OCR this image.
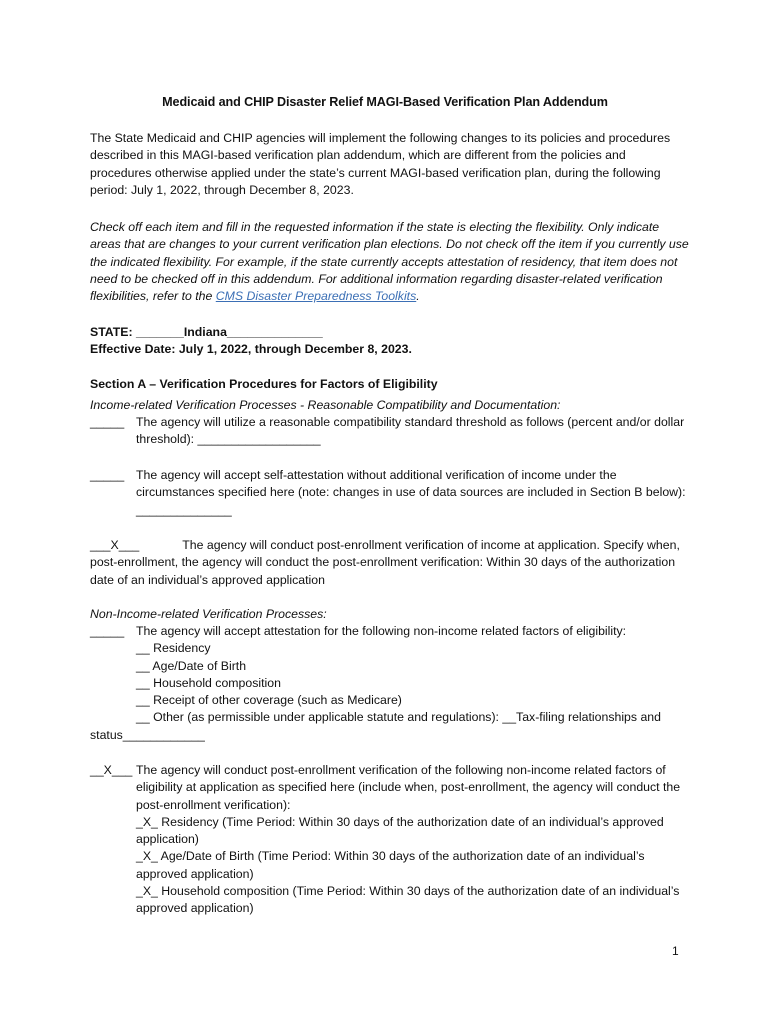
Medicaid and CHIP Disaster Relief MAGI-Based Verification Plan Addendum

The State Medicaid and CHIP agencies will implement the following changes to its policies and procedures described in this MAGI-based verification plan addendum, which are different from the policies and procedures otherwise applied under the state’s current MAGI-based verification plan, during the following period: July 1, 2022, through December 8, 2023.

Check off each item and fill in the requested information if the state is electing the flexibility. Only indicate areas that are changes to your current verification plan elections. Do not check off the item if you currently use the indicated flexibility. For example, if the state currently accepts attestation of residency, that item does not need to be checked off in this addendum. For additional information regarding disaster-related verification flexibilities, refer to the CMS Disaster Preparedness Toolkits.

STATE: _______Indiana______________

Effective Date: July 1, 2022, through December 8, 2023.

Section A – Verification Procedures for Factors of Eligibility

Income-related Verification Processes - Reasonable Compatibility and Documentation:

_____ The agency will utilize a reasonable compatibility standard threshold as follows (percent and/or dollar threshold): __________________

_____ The agency will accept self-attestation without additional verification of income under the circumstances specified here (note: changes in use of data sources are included in Section B below): ______________

___X___	The agency will conduct post-enrollment verification of income at application. Specify when, post-enrollment, the agency will conduct the post-enrollment verification: Within 30 days of the authorization date of an individual’s approved application

Non-Income-related Verification Processes:

_____ The agency will accept attestation for the following non-income related factors of eligibility:

__ Residency

__ Age/Date of Birth

__ Household composition

__ Receipt of other coverage (such as Medicare)

__ Other (as permissible under applicable statute and regulations): __Tax-filing relationships and

status____________

__X___ The agency will conduct post-enrollment verification of the following non-income related factors of eligibility at application as specified here (include when, post-enrollment, the agency will conduct the post-enrollment verification):

_X_ Residency (Time Period: Within 30 days of the authorization date of an individual’s approved application)

_X_ Age/Date of Birth (Time Period: Within 30 days of the authorization date of an individual’s approved application)

_X_ Household composition (Time Period: Within 30 days of the authorization date of an individual’s approved application)

1
